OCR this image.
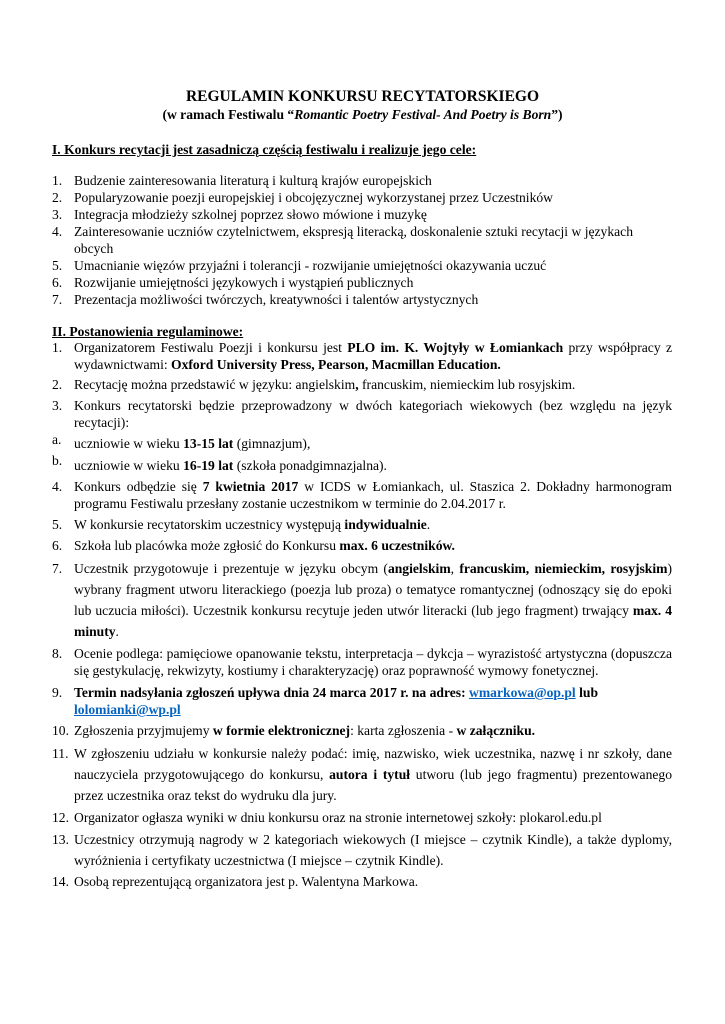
REGULAMIN KONKURSU RECYTATORSKIEGO
(w ramach Festiwalu “Romantic Poetry Festival- And Poetry is Born”)
I. Konkurs recytacji jest zasadniczą częścią festiwalu i realizuje jego cele:
1. Budzenie zainteresowania literaturą i kulturą krajów europejskich
2. Popularyzowanie poezji europejskiej i obcojęzycznej wykorzystanej przez Uczestników
3. Integracja młodzieży szkolnej poprzez słowo mówione i muzykę
4. Zainteresowanie uczniów czytelnictwem, ekspresją literacką, doskonalenie sztuki recytacji w językach obcych
5. Umacnianie więzów przyjaźni i tolerancji - rozwijanie umiejętności okazywania uczuć
6. Rozwijanie umiejętności językowych i wystąpień publicznych
7. Prezentacja możliwości twórczych, kreatywności i talentów artystycznych
II. Postanowienia regulaminowe:
1. Organizatorem Festiwalu Poezji i konkursu jest PLO im. K. Wojtyły w Łomiankach przy współpracy z wydawnictwami: Oxford University Press, Pearson, Macmillan Education.
2. Recytację można przedstawić w języku: angielskim, francuskim, niemieckim lub rosyjskim.
3. Konkurs recytatorski będzie przeprowadzony w dwóch kategoriach wiekowych (bez względu na język recytacji):
a. uczniowie w wieku 13-15 lat (gimnazjum),
b. uczniowie w wieku 16-19 lat (szkoła ponadgimnazjalna).
4. Konkurs odbędzie się 7 kwietnia 2017 w ICDS w Łomiankach, ul. Staszica 2. Dokładny harmonogram programu Festiwalu przesłany zostanie uczestnikom w terminie do 2.04.2017 r.
5. W konkursie recytatorskim uczestnicy występują indywidualnie.
6. Szkoła lub placówka może zgłosić do Konkursu max. 6 uczestników.
7. Uczestnik przygotowuje i prezentuje w języku obcym (angielskim, francuskim, niemieckim, rosyjskim) wybrany fragment utworu literackiego (poezja lub proza) o tematyce romantycznej (odnoszący się do epoki lub uczucia miłości). Uczestnik konkursu recytuje jeden utwór literacki (lub jego fragment) trwający max. 4 minuty.
8. Ocenie podlega: pamięciowe opanowanie tekstu, interpretacja – dykcja – wyrazistość artystyczna (dopuszcza się gestykulację, rekwizyty, kostiumy i charakteryzację) oraz poprawność wymowy fonetycznej.
9. Termin nadsyłania zgłoszeń upływa dnia 24 marca 2017 r. na adres: wmarkowa@op.pl lub
lolomianki@wp.pl
10. Zgłoszenia przyjmujemy w formie elektronicznej: karta zgłoszenia - w załączniku.
11. W zgłoszeniu udziału w konkursie należy podać: imię, nazwisko, wiek uczestnika, nazwę i nr szkoły, dane nauczyciela przygotowującego do konkursu, autora i tytuł utworu (lub jego fragmentu) prezentowanego przez uczestnika oraz tekst do wydruku dla jury.
12. Organizator ogłasza wyniki w dniu konkursu oraz na stronie internetowej szkoły: plokarol.edu.pl
13. Uczestnicy otrzymują nagrody w 2 kategoriach wiekowych (I miejsce – czytnik Kindle), a także dyplomy, wyróżnienia i certyfikaty uczestnictwa (I miejsce – czytnik Kindle).
14. Osobą reprezentującą organizatora jest p. Walentyna Markowa.
